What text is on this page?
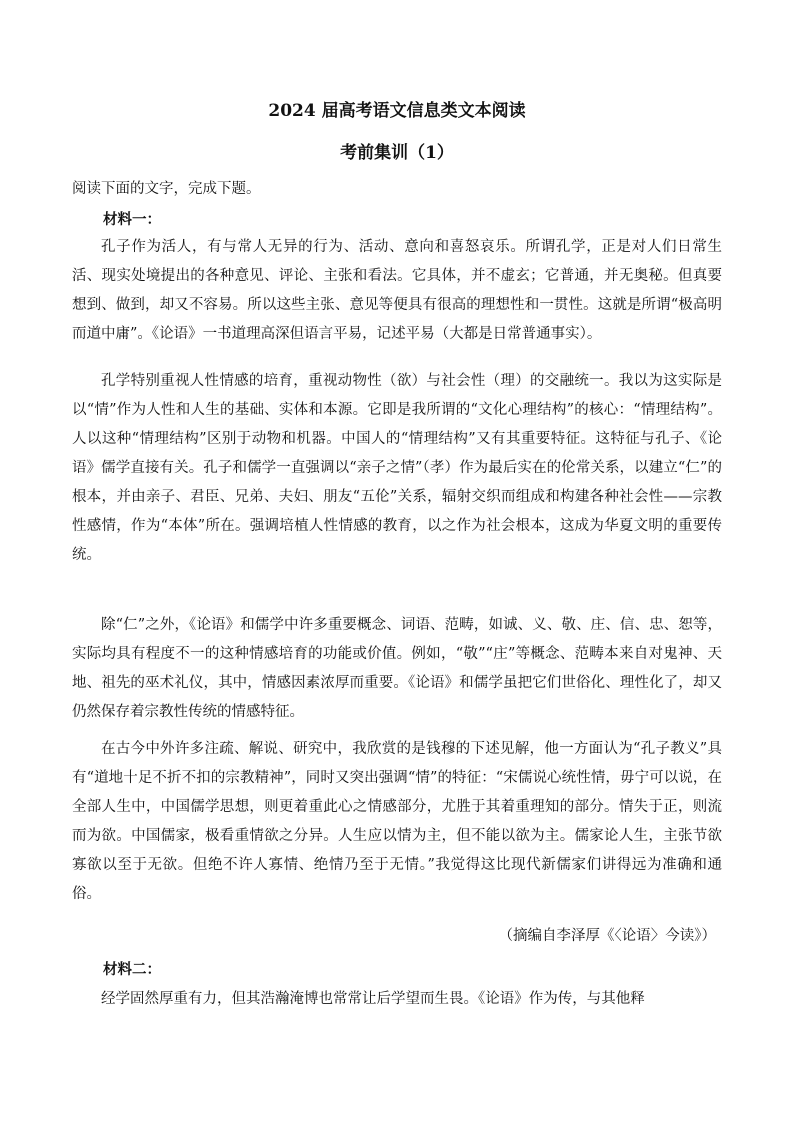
2024 届高考语文信息类文本阅读
考前集训（1）
阅读下面的文字，完成下题。
材料一：

孔子作为活人，有与常人无异的行为、活动、意向和喜怒哀乐。所谓孔学，正是对人们日常生活、现实处境提出的各种意见、评论、主张和看法。它具体，并不虚玄；它普通，并无奥秘。但真要想到、做到，却又不容易。所以这些主张、意见等便具有很高的理想性和一贯性。这就是所谓“极高明而道中庸”。《论语》一书道理高深但语言平易，记述平易（大都是日常普通事实）。

孔学特别重视人性情感的培育，重视动物性（欲）与社会性（理）的交融统一。我以为这实际是以“情”作为人性和人生的基础、实体和本源。它即是我所谓的“文化心理结构”的核心：“情理结构”。人以这种“情理结构”区别于动物和机器。中国人的“情理结构”又有其重要特征。这特征与孔子、《论语》儒学直接有关。孔子和儒学一直强调以“亲子之情”（孝）作为最后实在的伦常关系，以建立“仁”的根本，并由亲子、君臣、兄弟、夫妇、朋友“五伦”关系，辐射交织而组成和构建各种社会性——宗教性感情，作为“本体”所在。强调培植人性情感的教育，以之作为社会根本，这成为华夏文明的重要传统。

除“仁”之外，《论语》和儒学中许多重要概念、词语、范畴，如诚、义、敬、庄、信、忠、恕等，实际均具有程度不一的这种情感培育的功能或价值。例如，“敬”“庄”等概念、范畴本来自对鬼神、天地、祖先的巫术礼仪，其中，情感因素浓厚而重要。《论语》和儒学虽把它们世俗化、理性化了，却又仍然保存着宗教性传统的情感特征。

在古今中外许多注疏、解说、研究中，我欣赏的是钱穆的下述见解，他一方面认为“孔子教义”具有“道地十足不折不扣的宗教精神”，同时又突出强调“情”的特征：“宋儒说心统性情，毋宁可以说，在全部人生中，中国儒学思想，则更着重此心之情感部分，尤胜于其着重理知的部分。情失于正，则流而为欲。中国儒家，极看重情欲之分异。人生应以情为主，但不能以欲为主。儒家论人生，主张节欲寡欲以至于无欲。但绝不许人寡情、绝情乃至于无情。”我觉得这比现代新儒家们讲得远为准确和通俗。

（摘编自李泽厚《〈论语〉今读》）
材料二：

经学固然厚重有力，但其浩瀚淹博也常常让后学望而生畏。《论语》作为传，与其他释
